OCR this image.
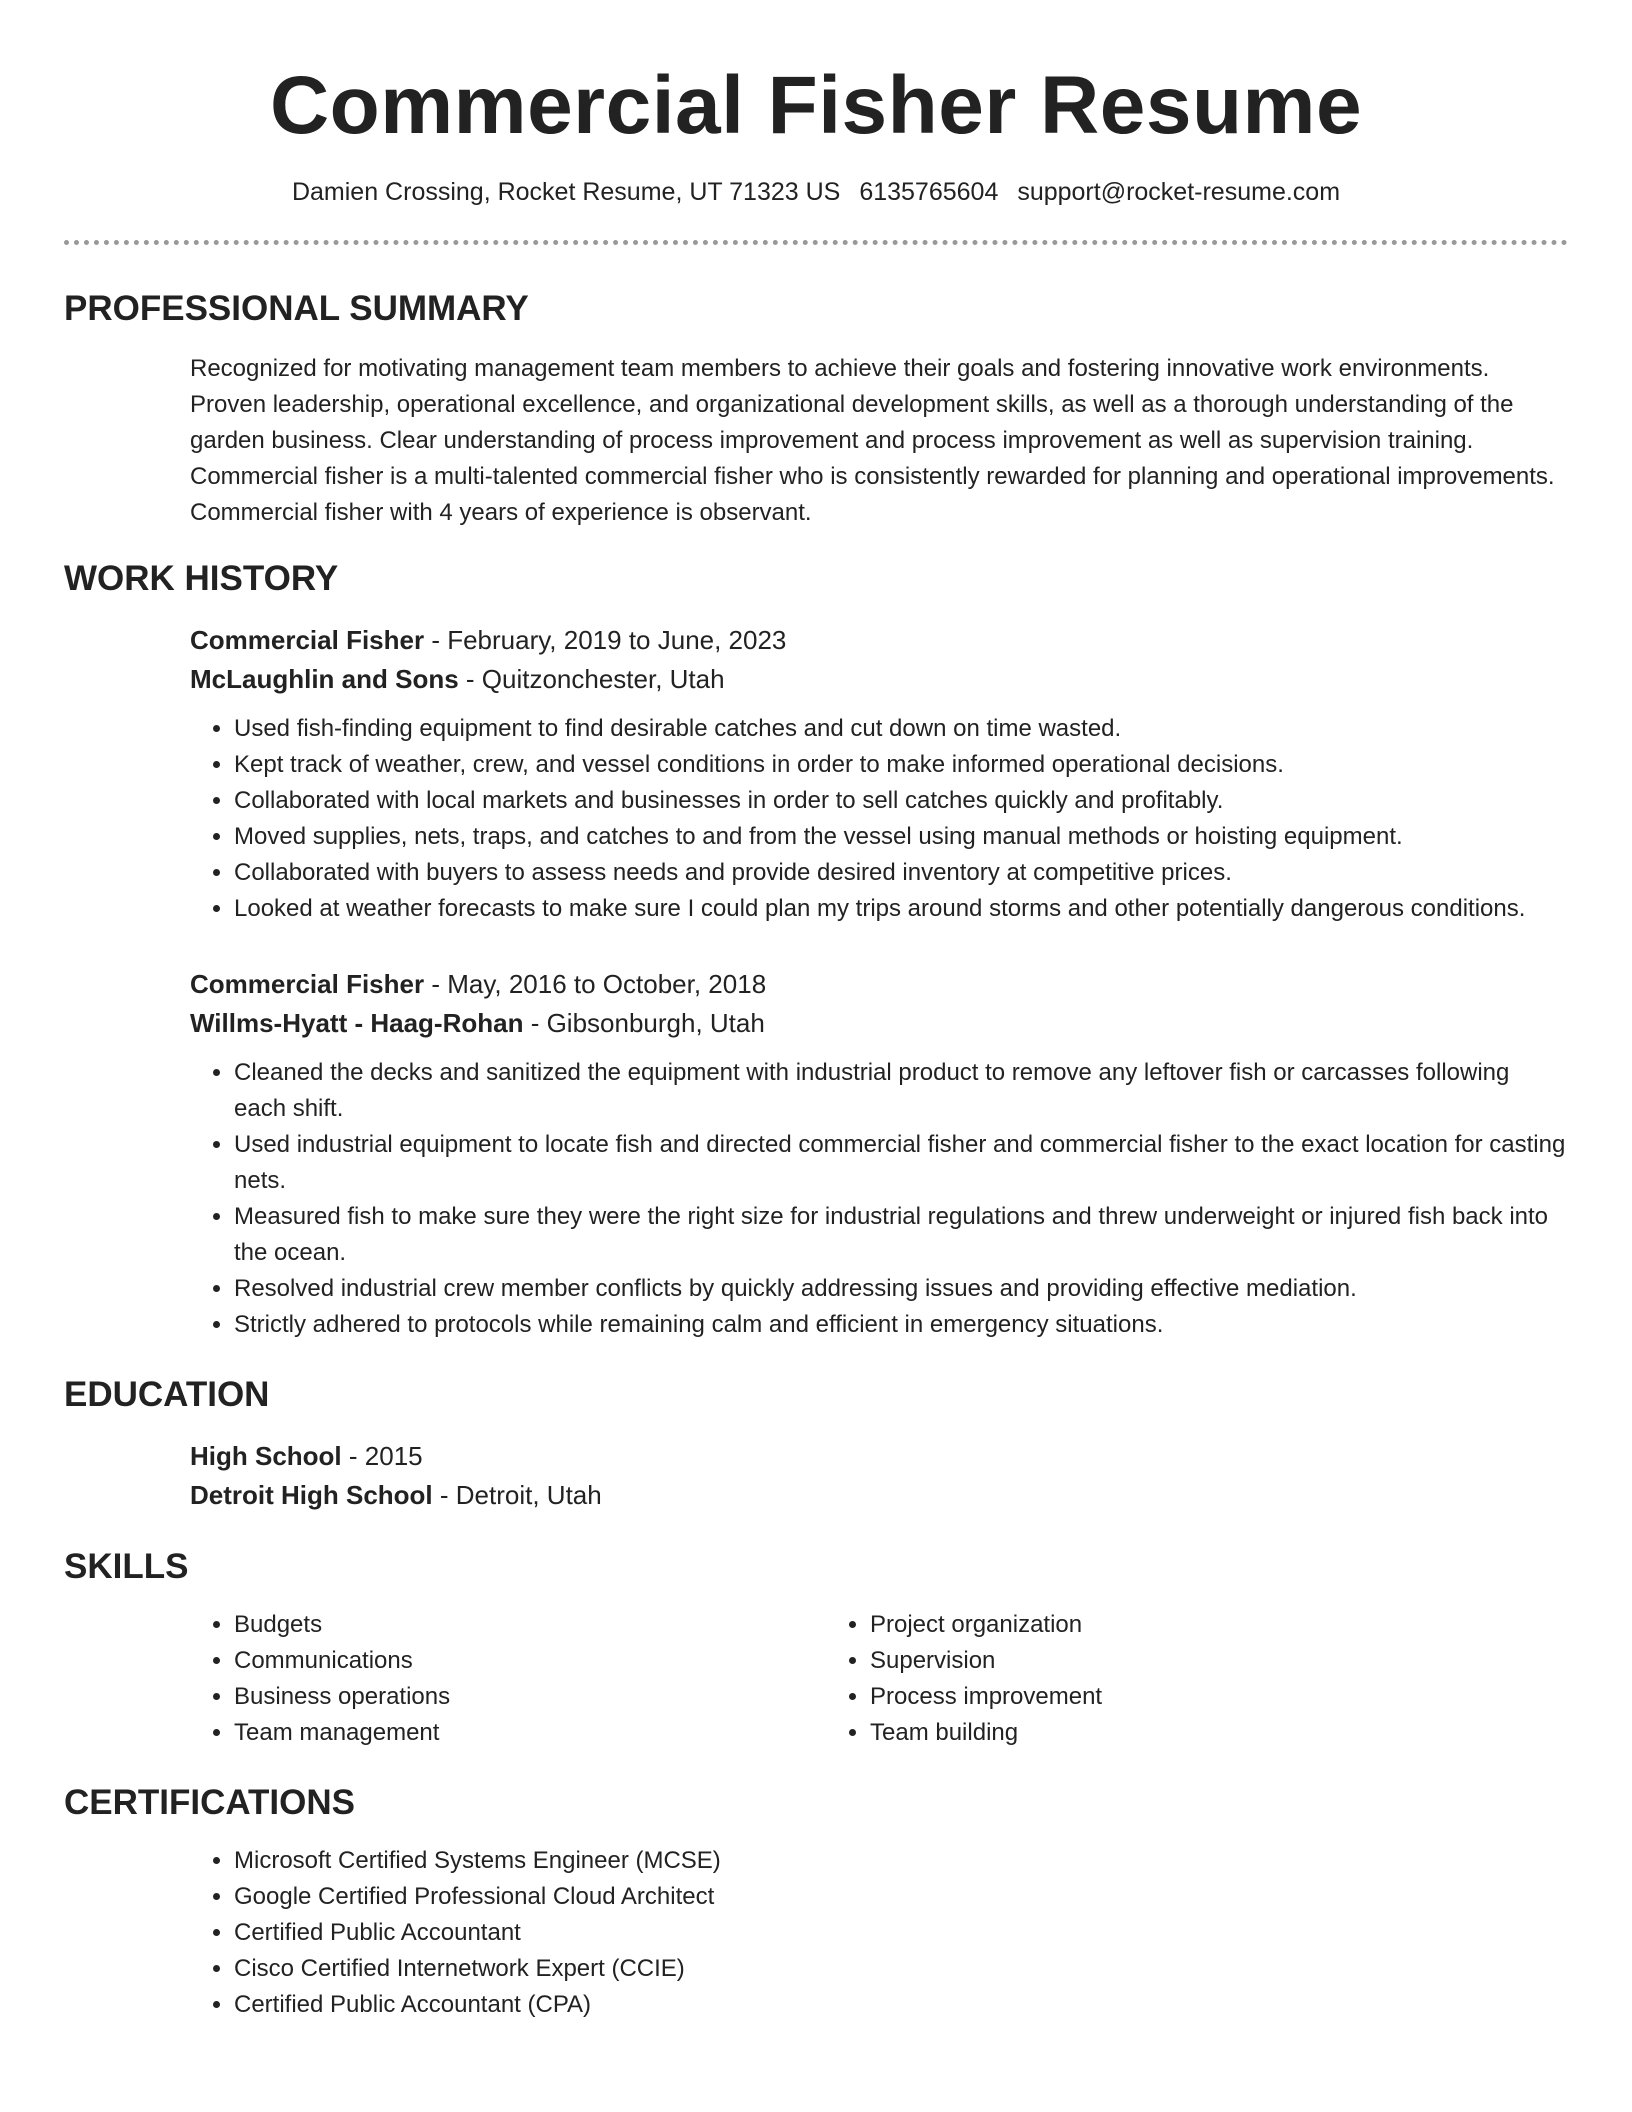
Commercial Fisher Resume
Damien Crossing, Rocket Resume, UT 71323 US 6135765604 support@rocket-resume.com
PROFESSIONAL SUMMARY
Recognized for motivating management team members to achieve their goals and fostering innovative work environments. Proven leadership, operational excellence, and organizational development skills, as well as a thorough understanding of the garden business. Clear understanding of process improvement and process improvement as well as supervision training. Commercial fisher is a multi-talented commercial fisher who is consistently rewarded for planning and operational improvements. Commercial fisher with 4 years of experience is observant.
WORK HISTORY
Commercial Fisher - February, 2019 to June, 2023
McLaughlin and Sons - Quitzonchester, Utah
• Used fish-finding equipment to find desirable catches and cut down on time wasted.
• Kept track of weather, crew, and vessel conditions in order to make informed operational decisions.
• Collaborated with local markets and businesses in order to sell catches quickly and profitably.
• Moved supplies, nets, traps, and catches to and from the vessel using manual methods or hoisting equipment.
• Collaborated with buyers to assess needs and provide desired inventory at competitive prices.
• Looked at weather forecasts to make sure I could plan my trips around storms and other potentially dangerous conditions.
Commercial Fisher - May, 2016 to October, 2018
Willms-Hyatt - Haag-Rohan - Gibsonburgh, Utah
• Cleaned the decks and sanitized the equipment with industrial product to remove any leftover fish or carcasses following each shift.
• Used industrial equipment to locate fish and directed commercial fisher and commercial fisher to the exact location for casting nets.
• Measured fish to make sure they were the right size for industrial regulations and threw underweight or injured fish back into the ocean.
• Resolved industrial crew member conflicts by quickly addressing issues and providing effective mediation.
• Strictly adhered to protocols while remaining calm and efficient in emergency situations.
EDUCATION
High School - 2015
Detroit High School - Detroit, Utah
SKILLS
• Budgets
• Communications
• Business operations
• Team management
• Project organization
• Supervision
• Process improvement
• Team building
CERTIFICATIONS
• Microsoft Certified Systems Engineer (MCSE)
• Google Certified Professional Cloud Architect
• Certified Public Accountant
• Cisco Certified Internetwork Expert (CCIE)
• Certified Public Accountant (CPA)
